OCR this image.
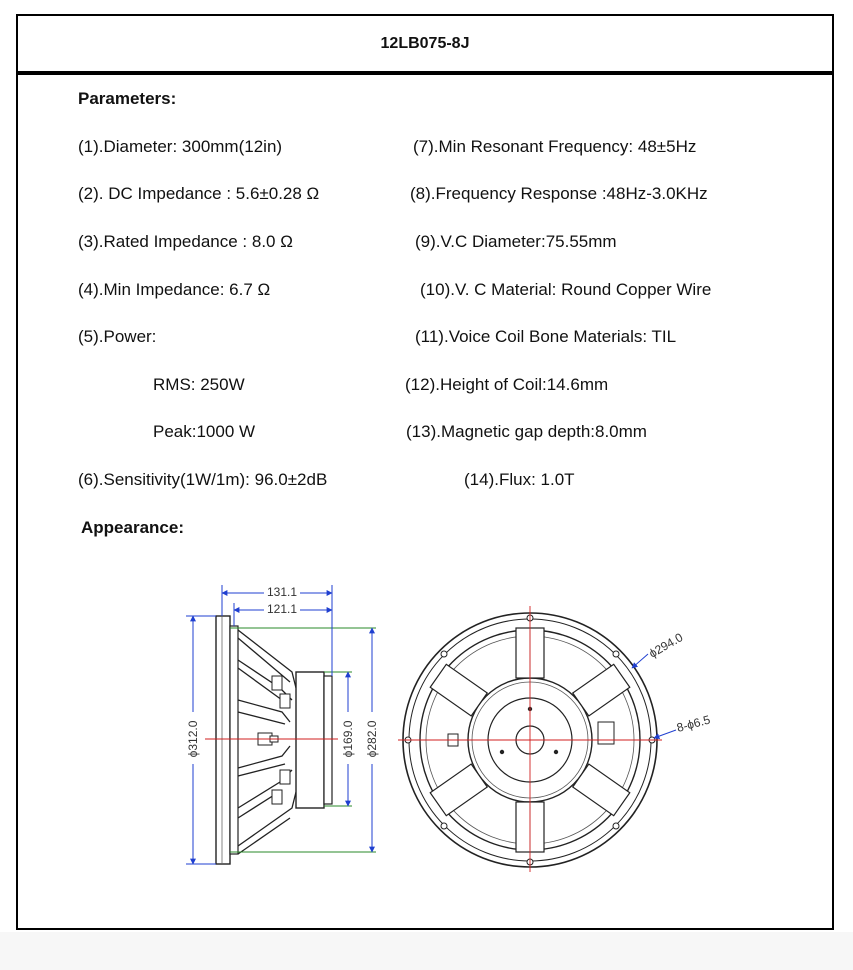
12LB075-8J
Parameters:
(1).Diameter: 300mm(12in)
(2). DC Impedance : 5.6±0.28 Ω
(3).Rated Impedance : 8.0 Ω
(4).Min Impedance: 6.7 Ω
(5).Power:
RMS: 250W
Peak:1000 W
(6).Sensitivity(1W/1m): 96.0±2dB
(7).Min Resonant Frequency: 48±5Hz
(8).Frequency Response :48Hz-3.0KHz
(9).V.C Diameter:75.55mm
(10).V. C Material: Round Copper Wire
(11).Voice Coil Bone Materials: TIL
(12).Height of Coil:14.6mm
(13).Magnetic gap depth:8.0mm
(14).Flux: 1.0T
Appearance:
131.1
121.1
ϕ312.0	ϕ169.0 ϕ282.0
ϕ294.0
8-ϕ6.5
